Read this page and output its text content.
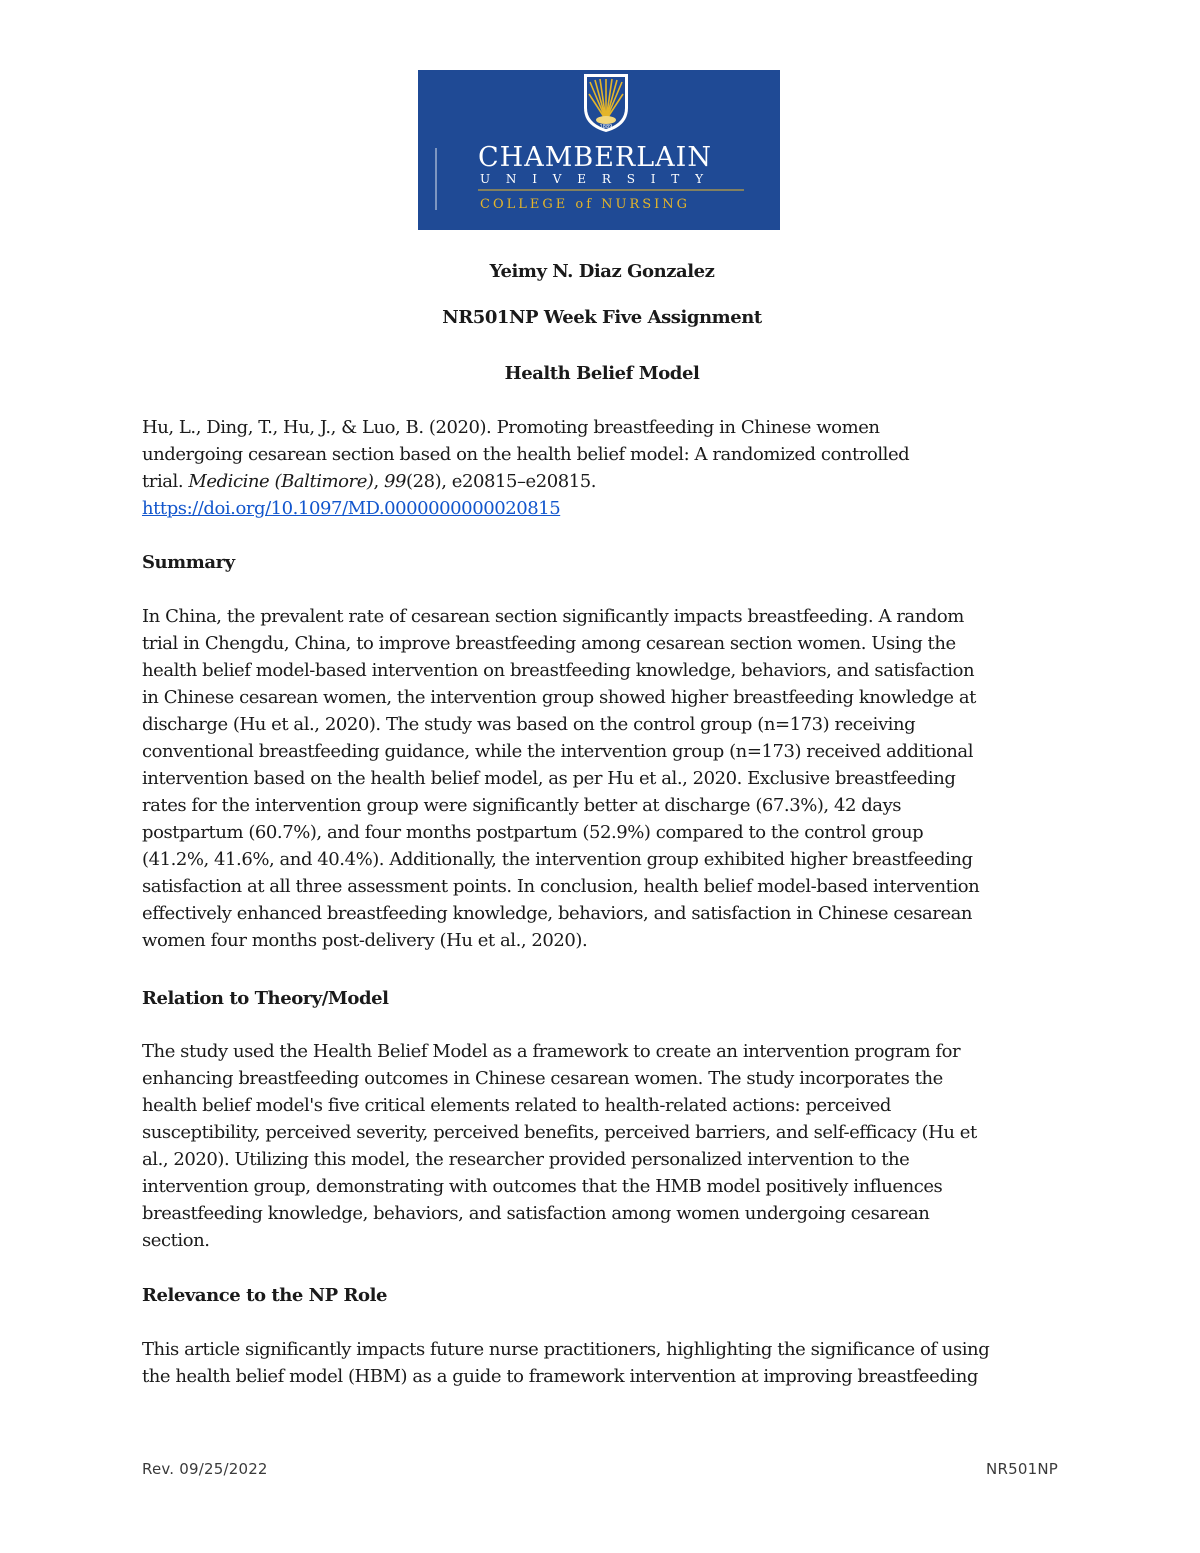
1889
CHAMBERLAIN
U N I V E R S I T Y
COLLEGE of NURSING
Yeimy N. Diaz Gonzalez
NR501NP Week Five Assignment
Health Belief Model

Hu, L., Ding, T., Hu, J., & Luo, B. (2020). Promoting breastfeeding in Chinese women

undergoing cesarean section based on the health belief model: A randomized controlled

trial. Medicine (Baltimore), 99(28), e20815–e20815.

https://doi.org/10.1097/MD.0000000000020815

Summary

In China, the prevalent rate of cesarean section significantly impacts breastfeeding. A random

trial in Chengdu, China, to improve breastfeeding among cesarean section women. Using the

health belief model-based intervention on breastfeeding knowledge, behaviors, and satisfaction

in Chinese cesarean women, the intervention group showed higher breastfeeding knowledge at

discharge (Hu et al., 2020). The study was based on the control group (n=173) receiving

conventional breastfeeding guidance, while the intervention group (n=173) received additional

intervention based on the health belief model, as per Hu et al., 2020. Exclusive breastfeeding

rates for the intervention group were significantly better at discharge (67.3%), 42 days

postpartum (60.7%), and four months postpartum (52.9%) compared to the control group

(41.2%, 41.6%, and 40.4%). Additionally, the intervention group exhibited higher breastfeeding

satisfaction at all three assessment points. In conclusion, health belief model-based intervention

effectively enhanced breastfeeding knowledge, behaviors, and satisfaction in Chinese cesarean

women four months post-delivery (Hu et al., 2020).

Relation to Theory/Model

The study used the Health Belief Model as a framework to create an intervention program for

enhancing breastfeeding outcomes in Chinese cesarean women. The study incorporates the

health belief model's five critical elements related to health-related actions: perceived

susceptibility, perceived severity, perceived benefits, perceived barriers, and self-efficacy (Hu et

al., 2020). Utilizing this model, the researcher provided personalized intervention to the

intervention group, demonstrating with outcomes that the HMB model positively influences

breastfeeding knowledge, behaviors, and satisfaction among women undergoing cesarean

section.

Relevance to the NP Role

This article significantly impacts future nurse practitioners, highlighting the significance of using

the health belief model (HBM) as a guide to framework intervention at improving breastfeeding

Rev. 09/25/2022	NR501NP
